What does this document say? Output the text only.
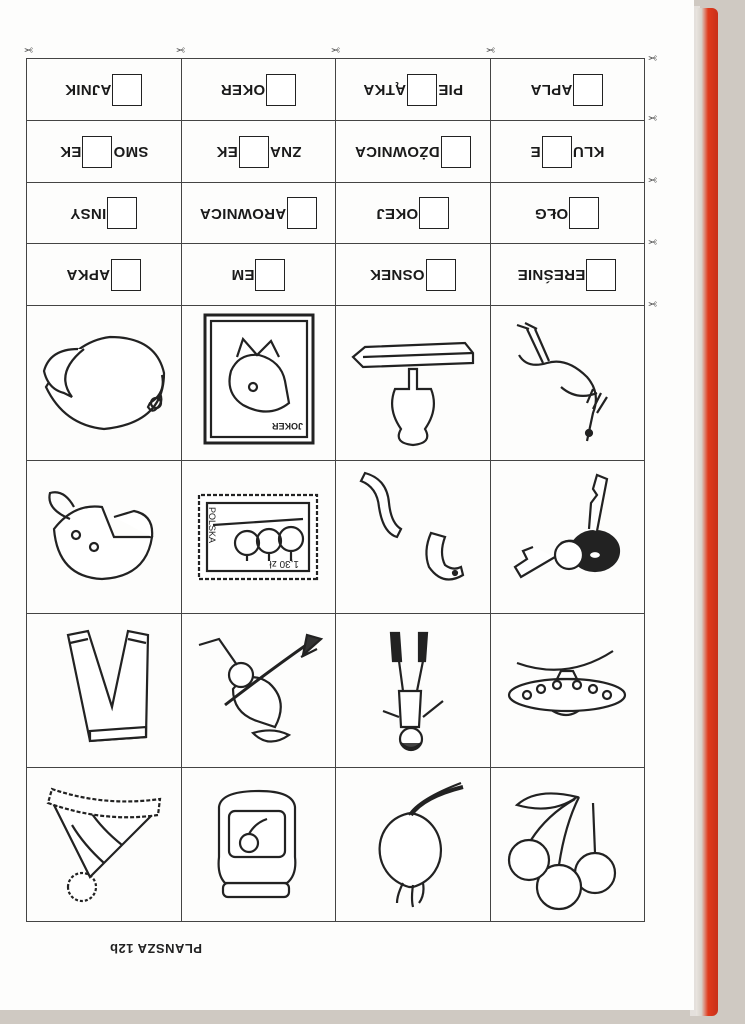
PLANSZA 12b
1,30 zł
POLSKA
JOKER
EREŚNIE
OSNEK
EM
APKA
OŁG
OKEJ
AROWNICA
INSY
KLU
E
DŻOWNICA
ZNA
EK
SMO
EK
APLA
PIE
ĄTKA
OKER
AJNIK
✂
✂
✂
✂
✂
✂
✂
✂
✂
